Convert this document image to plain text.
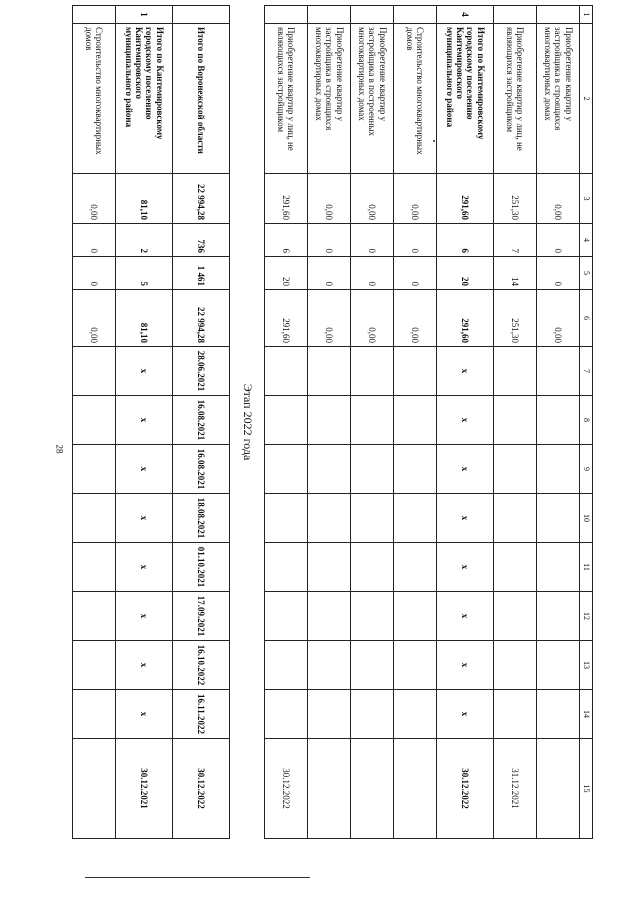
28
1	2	3	4	5	6	7	8	9	10	11	12	13	14	15
	Приобретение квартир у застройщика в строящихся многоквартирных домах	0,00	0	0	0,00									
	Приобретение квартир у лиц, не являющихся застройщиком	251,30	7	14	251,30									31.12.2021
4	Итого по Кантемировскому городскому поселению Кантемировского муниципального района	291,60	6	20	291,60	х	х	х	х	х	х	х	х	30.12.2022
	Строительство многоквартирных домов	0,00	0	0	0,00									
	Приобретение квартир у застройщика в построенных многоквартирных домах	0,00	0	0	0,00									
	Приобретение квартир у застройщика в строящихся многоквартирных домах	0,00	0	0	0,00									
	Приобретение квартир у лиц, не являющихся застройщиком	291,60	6	20	291,60									30.12.2022
Этап 2022 года														
	Итого по Воронежской области	22 994,28	736	1 461	22 994,28	28.06.2021	16.08.2021	16.08.2021	18.08.2021	01.10.2021	17.09.2021	16.10.2022	16.11.2022	30.12.2022
1	Итого по Кантемировскому городскому поселению Кантемировского муниципального района	81,10	2	5	81,10	х	х	х	х	х	х	х	х	30.12.2021
	Строительство многоквартирных домов	0,00	0	0	0,00									
